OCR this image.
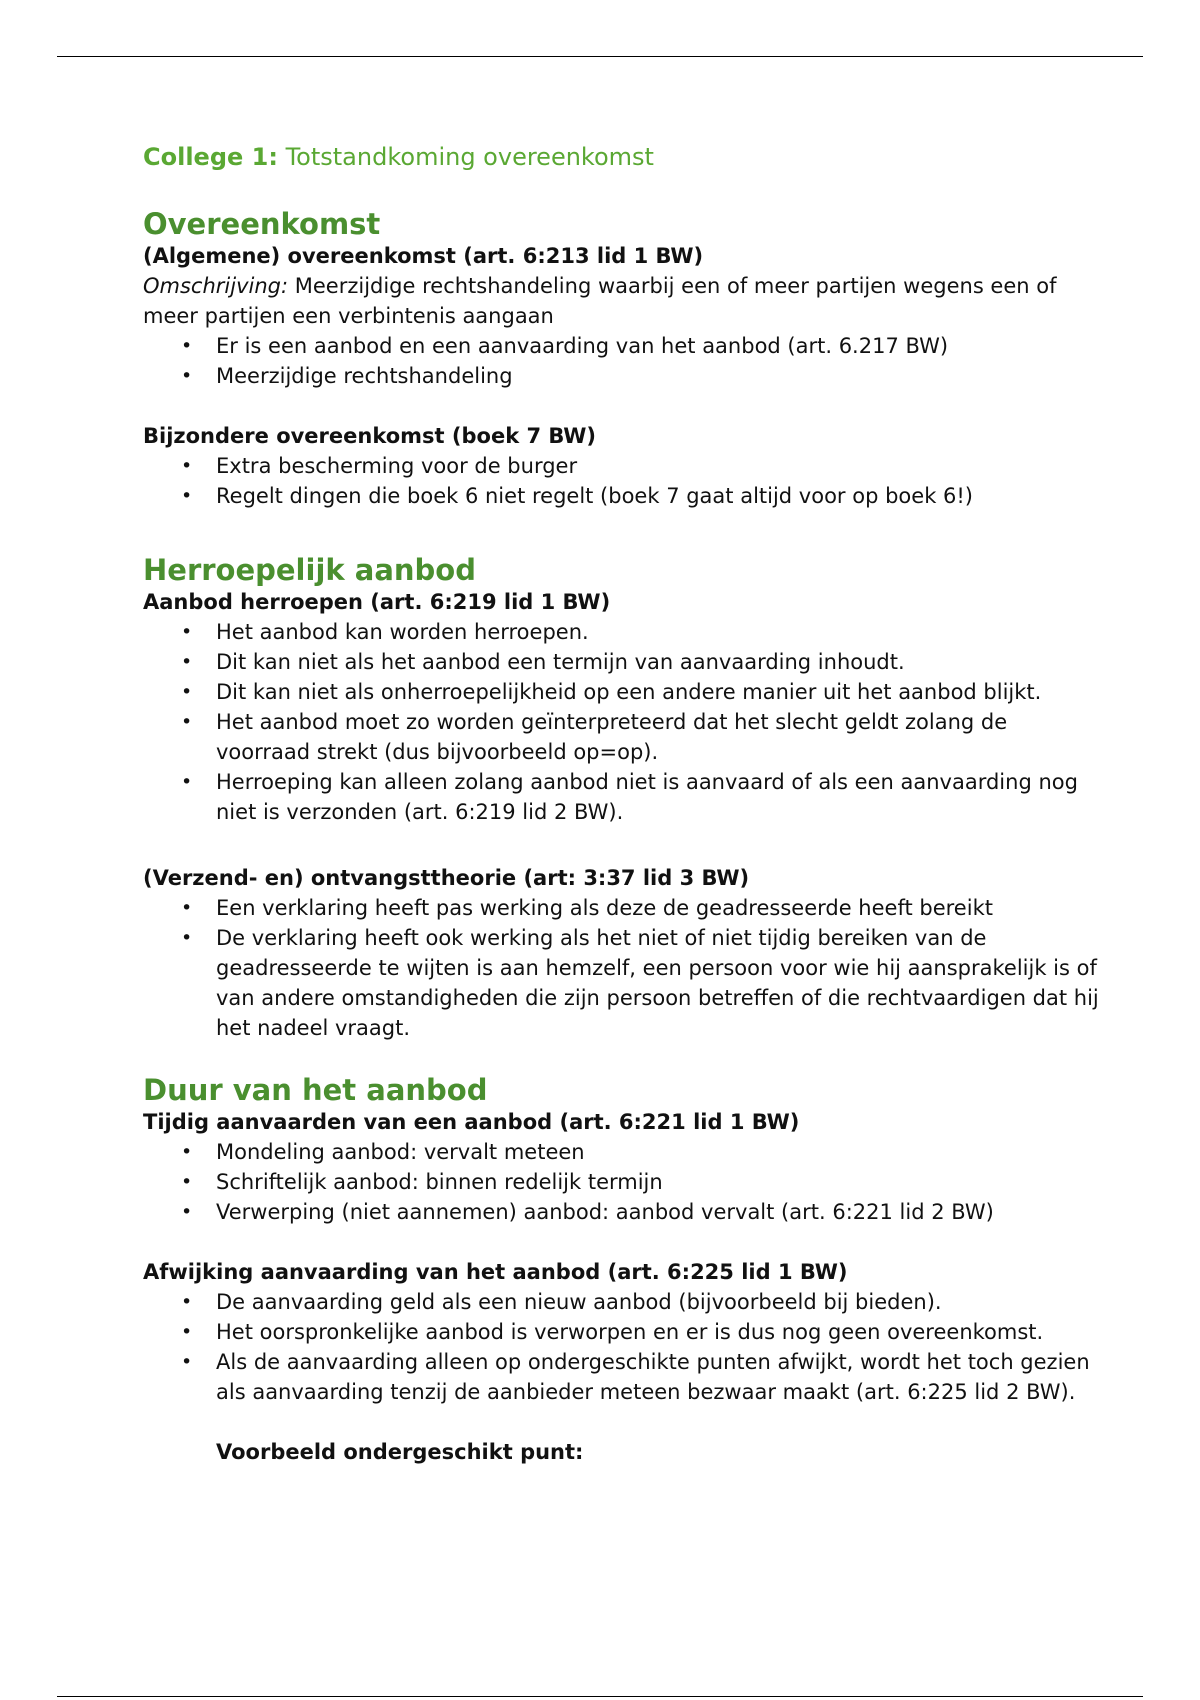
College 1: Totstandkoming overeenkomst
Overeenkomst
(Algemene) overeenkomst (art. 6:213 lid 1 BW)

Omschrijving: Meerzijdige rechtshandeling waarbij een of meer partijen wegens een of meer partijen een verbintenis aangaan

• Er is een aanbod en een aanvaarding van het aanbod (art. 6.217 BW)
• Meerzijdige rechtshandeling
Bijzondere overeenkomst (boek 7 BW)
• Extra bescherming voor de burger
• Regelt dingen die boek 6 niet regelt (boek 7 gaat altijd voor op boek 6!)
Herroepelijk aanbod
Aanbod herroepen (art. 6:219 lid 1 BW)
• Het aanbod kan worden herroepen.
• Dit kan niet als het aanbod een termijn van aanvaarding inhoudt.
• Dit kan niet als onherroepelijkheid op een andere manier uit het aanbod blijkt.
• Het aanbod moet zo worden geïnterpreteerd dat het slecht geldt zolang de voorraad strekt (dus bijvoorbeeld op=op).
• Herroeping kan alleen zolang aanbod niet is aanvaard of als een aanvaarding nog niet is verzonden (art. 6:219 lid 2 BW).
(Verzend- en) ontvangsttheorie (art: 3:37 lid 3 BW)
• Een verklaring heeft pas werking als deze de geadresseerde heeft bereikt
• De verklaring heeft ook werking als het niet of niet tijdig bereiken van de geadresseerde te wijten is aan hemzelf, een persoon voor wie hij aansprakelijk is of van andere omstandigheden die zijn persoon betreffen of die rechtvaardigen dat hij het nadeel vraagt.
Duur van het aanbod
Tijdig aanvaarden van een aanbod (art. 6:221 lid 1 BW)
• Mondeling aanbod: vervalt meteen
• Schriftelijk aanbod: binnen redelijk termijn
• Verwerping (niet aannemen) aanbod: aanbod vervalt (art. 6:221 lid 2 BW)
Afwijking aanvaarding van het aanbod (art. 6:225 lid 1 BW)
• De aanvaarding geld als een nieuw aanbod (bijvoorbeeld bij bieden).
• Het oorspronkelijke aanbod is verworpen en er is dus nog geen overeenkomst.
• Als de aanvaarding alleen op ondergeschikte punten afwijkt, wordt het toch gezien als aanvaarding tenzij de aanbieder meteen bezwaar maakt (art. 6:225 lid 2 BW).
Voorbeeld ondergeschikt punt:
